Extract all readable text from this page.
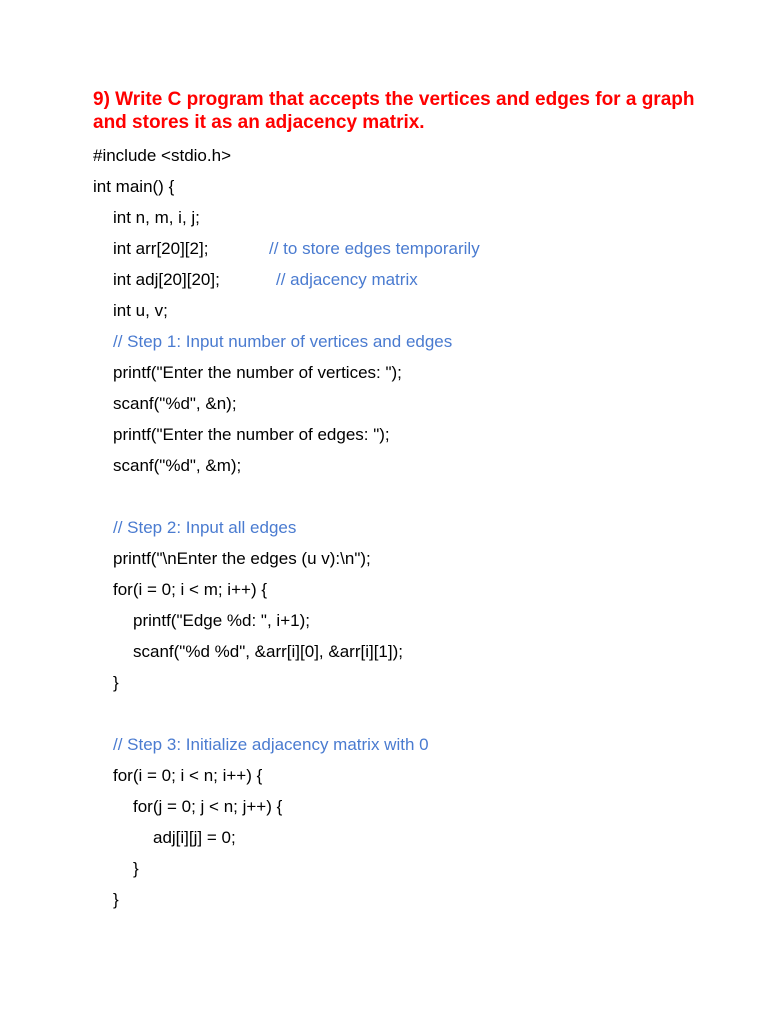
9) Write C program that accepts the vertices and edges for a graph and stores it as an adjacency matrix.
#include <stdio.h>
int main() {
int n, m, i, j;
int arr[20][2];	// to store edges temporarily
int adj[20][20];	// adjacency matrix
int u, v;
// Step 1: Input number of vertices and edges
printf("Enter the number of vertices: ");
scanf("%d", &n);
printf("Enter the number of edges: ");
scanf("%d", &m);
// Step 2: Input all edges
printf("\nEnter the edges (u v):\n");
for(i = 0; i < m; i++) {
printf("Edge %d: ", i+1);
scanf("%d %d", &arr[i][0], &arr[i][1]);
}
// Step 3: Initialize adjacency matrix with 0
for(i = 0; i < n; i++) {
for(j = 0; j < n; j++) {
adj[i][j] = 0;
}
}
